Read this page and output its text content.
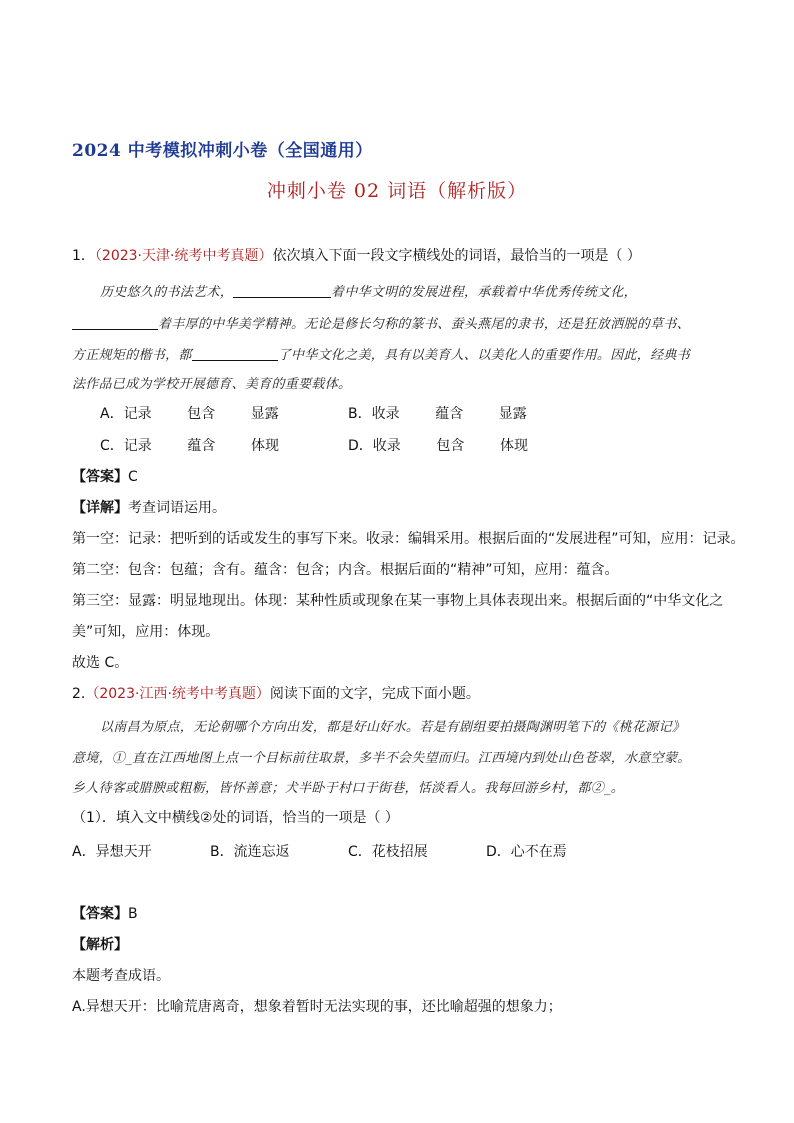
2024 中考模拟冲刺小卷（全国通用）
冲刺小卷 02 词语（解析版）
1．（2023·天津·统考中考真题）依次填入下面一段文字横线处的词语，最恰当的一项是（ ）
历史悠久的书法艺术，	着中华文明的发展进程，承载着中华优秀传统文化，
着丰厚的中华美学精神。无论是修长匀称的篆书、蚕头燕尾的隶书，还是狂放洒脱的草书、
方正规矩的楷书，都	了中华文化之美，具有以美育人、以美化人的重要作用。因此，经典书
法作品已成为学校开展德育、美育的重要载体。
A．记录        包含        显露	B．收录        蕴含        显露
C．记录        蕴含        体现	D．收录        包含        体现
【答案】C
【详解】考查词语运用。
第一空：记录：把听到的话或发生的事写下来。收录：编辑采用。根据后面的“发展进程”可知，应用：记录。
第二空：包含：包蕴；含有。蕴含：包含；内含。根据后面的“精神”可知，应用：蕴含。
第三空：显露：明显地现出。体现：某种性质或现象在某一事物上具体表现出来。根据后面的“中华文化之
美”可知，应用：体现。
故选 C。
2.（2023·江西·统考中考真题）阅读下面的文字，完成下面小题。
以南昌为原点，无论朝哪个方向出发，都是好山好水。若是有剧组要拍摄陶渊明笔下的《桃花源记》
意境，①_直在江西地图上点一个目标前往取景，多半不会失望而归。江西境内到处山色苍翠，水意空蒙。
乡人待客或腊腴或粗粝，皆怀善意；犬半卧于村口于街巷，恬淡看人。我每回游乡村，都②_。
（1）．填入文中横线②处的词语，恰当的一项是（ ）
A．异想天开	B．流连忘返	C．花枝招展	D．心不在焉
【答案】B
【解析】
本题考查成语。
A.异想天开：比喻荒唐离奇，想象着暂时无法实现的事，还比喻超强的想象力；
